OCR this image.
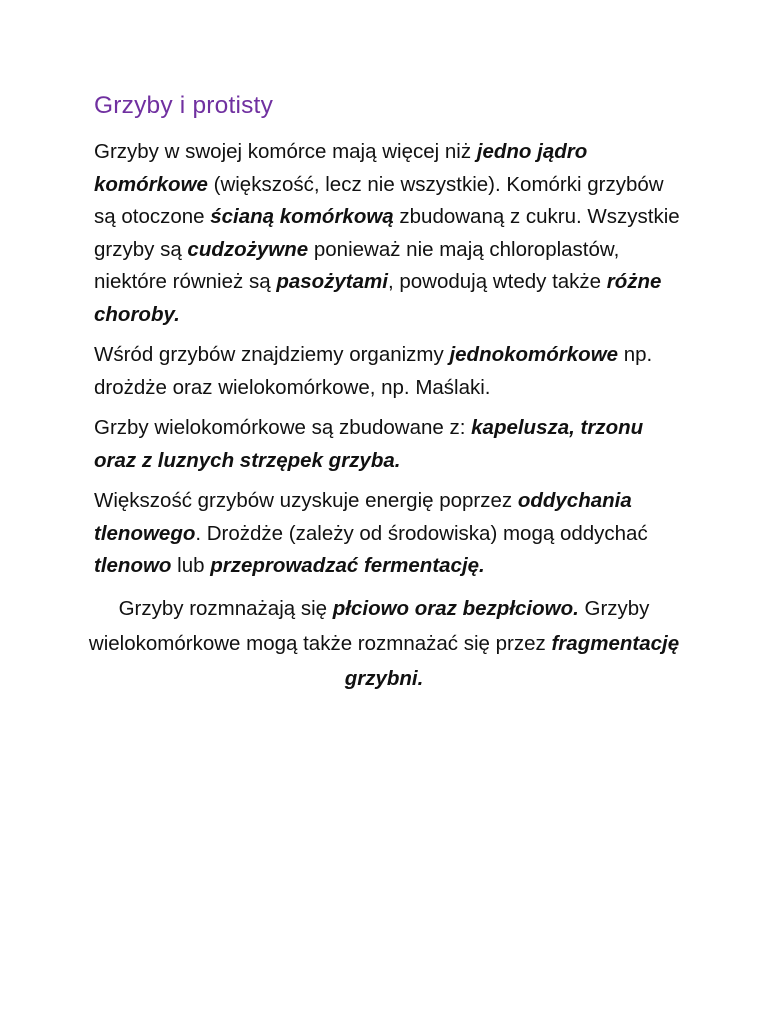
Grzyby i protisty

Grzyby w swojej komórce mają więcej niż jedno jądro komórkowe (większość, lecz nie wszystkie). Komórki grzybów są otoczone ścianą komórkową zbudowaną z cukru. Wszystkie grzyby są cudzożywne ponieważ nie mają chloroplastów, niektóre również są pasożytami, powodują wtedy także różne choroby.

Wśród grzybów znajdziemy organizmy jednokomórkowe np. drożdże oraz wielokomórkowe, np. Maślaki.

Grzby wielokomórkowe są zbudowane z: kapelusza, trzonu oraz z luznych strzępek grzyba.

Większość grzybów uzyskuje energię poprzez oddychania tlenowego. Drożdże (zależy od środowiska) mogą oddychać tlenowo lub przeprowadzać fermentację.

Grzyby rozmnażają się płciowo oraz bezpłciowo. Grzyby wielokomórkowe mogą także rozmnażać się przez fragmentację grzybni.
